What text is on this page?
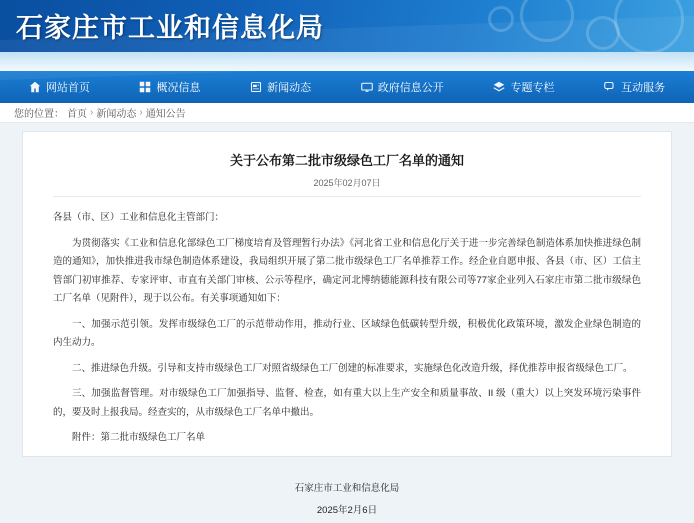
石家庄市工业和信息化局
网站首页	概况信息	新闻动态	政府信息公开	专题专栏	互动服务
您的位置： 首页 › 新闻动态 › 通知公告
关于公布第二批市级绿色工厂名单的通知
2025年02月07日

各县（市、区）工业和信息化主管部门：

为贯彻落实《工业和信息化部绿色工厂梯度培育及管理暂行办法》《河北省工业和信息化厅关于进一步完善绿色制造体系加快推进绿色制造的通知》，加快推进我市绿色制造体系建设，我局组织开展了第二批市级绿色工厂名单推荐工作。经企业自愿申报、各县（市、区）工信主管部门初审推荐、专家评审、市直有关部门审核、公示等程序，确定河北博纳德能源科技有限公司等77家企业列入石家庄市第二批市级绿色工厂名单（见附件），现于以公布。有关事项通知如下：

一、加强示范引领。发挥市级绿色工厂的示范带动作用，推动行业、区域绿色低碳转型升级，积极优化政策环境，激发企业绿色制造的内生动力。

二、推进绿色升级。引导和支持市级绿色工厂对照省级绿色工厂创建的标准要求，实施绿色化改造升级，择优推荐申报省级绿色工厂。

三、加强监督管理。对市级绿色工厂加强指导、监督、检查，如有重大以上生产安全和质量事故、II 级（重大）以上突发环境污染事件的，要及时上报我局。经查实的，从市级绿色工厂名单中撤出。

附件：第二批市级绿色工厂名单

石家庄市工业和信息化局
2025年2月6日
